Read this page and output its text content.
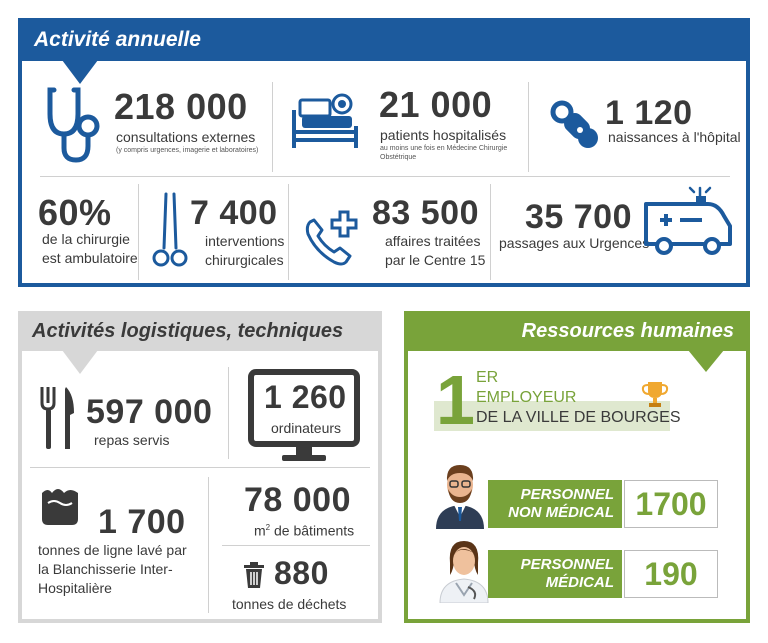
Activité annuelle
218 000
consultations externes
(y compris urgences, imagerie et laboratoires)
21 000
patients hospitalisés
au moins une fois en Médecine Chirurgie
Obstétrique
1 120
naissances à l'hôpital
60%
de la chirurgie
est ambulatoire
7 400
interventions
chirurgicales
83 500
affaires traitées
par le Centre 15
35 700
passages aux Urgences
Activités logistiques, techniques
597 000
repas servis
1 260
ordinateurs
1 700
tonnes de ligne lavé par
la Blanchisserie Inter-
Hospitalière
78 000
$m^2$ de bâtiments
880
tonnes de déchets
Ressources humaines
1 ER
EMPLOYEUR
DE LA VILLE DE BOURGES
PERSONNEL
NON MÉDICAL 1700
PERSONNEL
MÉDICAL 190
